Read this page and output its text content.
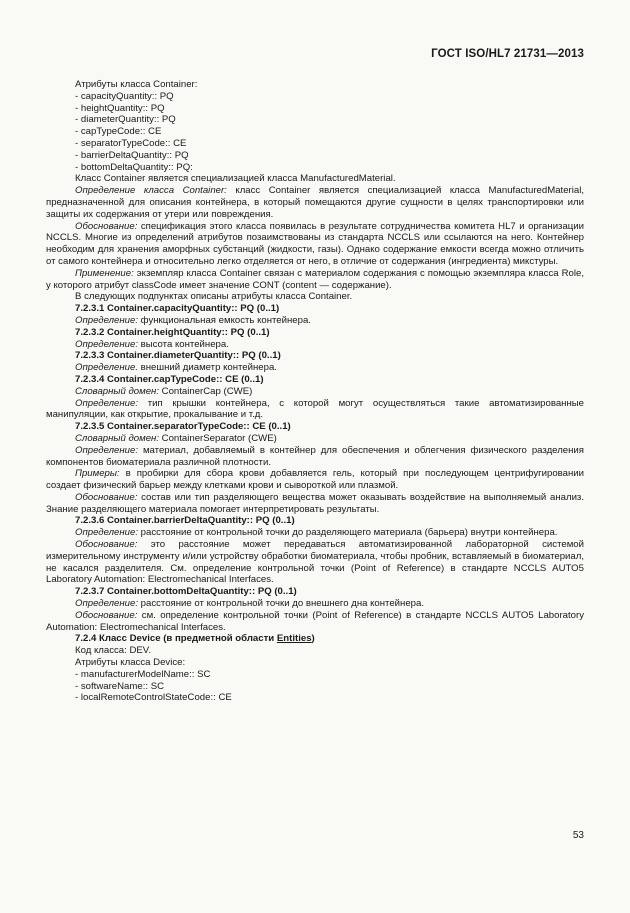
ГОСТ ISO/HL7 21731—2013
Атрибуты класса Container:
- capacityQuantity:: PQ
- heightQuantity:: PQ
- diameterQuantity:: PQ
- capTypeCode:: CE
- separatorTypeCode:: CE
- barrierDeltaQuantity:: PQ
- bottomDeltaQuantity:: PQ:

Класс Container является специализацией класса ManufacturedMaterial.

Определение класса Container: класс Container является специализацией класса ManufacturedMaterial, предназначенной для описания контейнера, в который помещаются другие сущности в целях транспортировки или защиты их содержания от утери или повреждения.

Обоснование: спецификация этого класса появилась в результате сотрудничества комитета HL7 и организации NCCLS. Многие из определений атрибутов позаимствованы из стандарта NCCLS или ссылаются на него. Контейнер необходим для хранения аморфных субстанций (жидкости, газы). Однако содержание емкости всегда можно отличить от самого контейнера и относительно легко отделяется от него, в отличие от содержания (ингредиента) микстуры.

Применение: экземпляр класса Container связан с материалом содержания с помощью экземпляра класса Role, у которого атрибут classCode имеет значение CONT (content — содержание).

В следующих подпунктах описаны атрибуты класса Container.

7.2.3.1 Container.capacityQuantity:: PQ (0..1)

Определение: функциональная емкость контейнера.

7.2.3.2 Container.heightQuantity:: PQ (0..1)

Определение: высота контейнера.

7.2.3.3 Container.diameterQuantity:: PQ (0..1)

Определение. внешний диаметр контейнера.

7.2.3.4 Container.capTypeCode:: CE (0..1)

Словарный домен: ContainerCap (CWE)

Определение: тип крышки контейнера, с которой могут осуществляться такие автоматизированные манипуляции, как открытие, прокалывание и т.д.

7.2.3.5 Container.separatorTypeCode:: CE (0..1)

Словарный домен: ContainerSeparator (CWE)

Определение: материал, добавляемый в контейнер для обеспечения и облегчения физического разделения компонентов биоматериала различной плотности.

Примеры: в пробирки для сбора крови добавляется гель, который при последующем центрифугировании создает физический барьер между клетками крови и сывороткой или плазмой.

Обоснование: состав или тип разделяющего вещества может оказывать воздействие на выполняемый анализ. Знание разделяющего материала помогает интерпретировать результаты.

7.2.3.6 Container.barrierDeltaQuantity:: PQ (0..1)

Определение: расстояние от контрольной точки до разделяющего материала (барьера) внутри контейнера.

Обоснование: это расстояние может передаваться автоматизированной лабораторной системой измерительному инструменту и/или устройству обработки биоматериала, чтобы пробник, вставляемый в биоматериал, не касался разделителя. См. определение контрольной точки (Point of Reference) в стандарте NCCLS AUTO5 Laboratory Automation: Electromechanical Interfaces.

7.2.3.7 Container.bottomDeltaQuantity:: PQ (0..1)

Определение: расстояние от контрольной точки до внешнего дна контейнера.

Обоснование: см. определение контрольной точки (Point of Reference) в стандарте NCCLS AUTO5 Laboratory Automation: Electromechanical Interfaces.

7.2.4 Класс Device (в предметной области Entities)
Код класса: DEV.
Атрибуты класса Device:
- manufacturerModelName:: SC
- softwareName:: SC
- localRemoteControlStateCode:: CE
53
